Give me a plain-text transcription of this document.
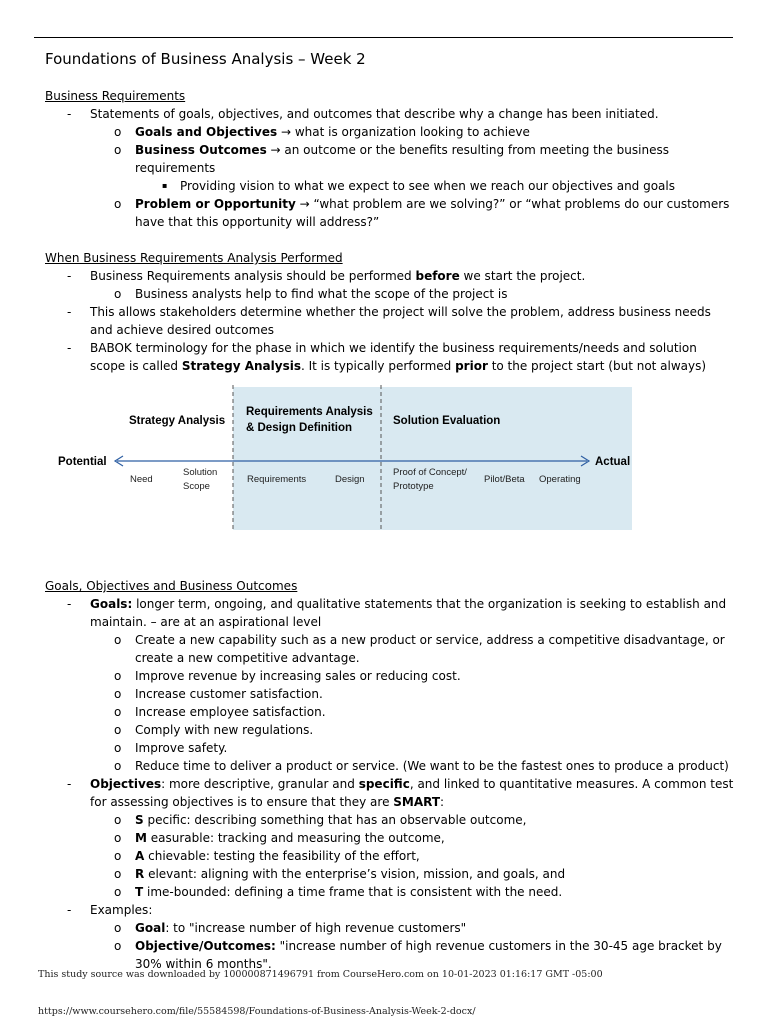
Foundations of Business Analysis – Week 2

Business Requirements

- Statements of goals, objectives, and outcomes that describe why a change has been initiated.
o Goals and Objectives → what is organization looking to achieve
o Business Outcomes → an outcome or the benefits resulting from meeting the business requirements
▪ Providing vision to what we expect to see when we reach our objectives and goals
o Problem or Opportunity → “what problem are we solving?” or “what problems do our customers have that this opportunity will address?”

When Business Requirements Analysis Performed

- Business Requirements analysis should be performed before we start the project.
o Business analysts help to find what the scope of the project is
- This allows stakeholders determine whether the project will solve the problem, address business needs and achieve desired outcomes
- BABOK terminology for the phase in which we identify the business requirements/needs and solution scope is called Strategy Analysis. It is typically performed prior to the project start (but not always)
Strategy Analysis
Requirements Analysis
& Design Definition
Solution Evaluation
Potential	Actual
Need
Solution
Scope
Requirements	Design
Proof of Concept/
Prototype
Pilot/Beta Operating

Goals, Objectives and Business Outcomes

- Goals: longer term, ongoing, and qualitative statements that the organization is seeking to establish and maintain. – are at an aspirational level
o Create a new capability such as a new product or service, address a competitive disadvantage, or create a new competitive advantage.
o Improve revenue by increasing sales or reducing cost.
o Increase customer satisfaction.
o Increase employee satisfaction.
o Comply with new regulations.
o Improve safety.
o Reduce time to deliver a product or service. (We want to be the fastest ones to produce a product)
- Objectives: more descriptive, granular and specific, and linked to quantitative measures. A common test for assessing objectives is to ensure that they are SMART:
o S pecific: describing something that has an observable outcome,
o M easurable: tracking and measuring the outcome,
o A chievable: testing the feasibility of the effort,
o R elevant: aligning with the enterprise’s vision, mission, and goals, and
o T ime-bounded: defining a time frame that is consistent with the need.
- Examples:
o Goal: to "increase number of high revenue customers"
o Objective/Outcomes: "increase number of high revenue customers in the 30-45 age bracket by 30% within 6 months".
This study source was downloaded by 100000871496791 from CourseHero.com on 10-01-2023 01:16:17 GMT -05:00
https://www.coursehero.com/file/55584598/Foundations-of-Business-Analysis-Week-2-docx/
